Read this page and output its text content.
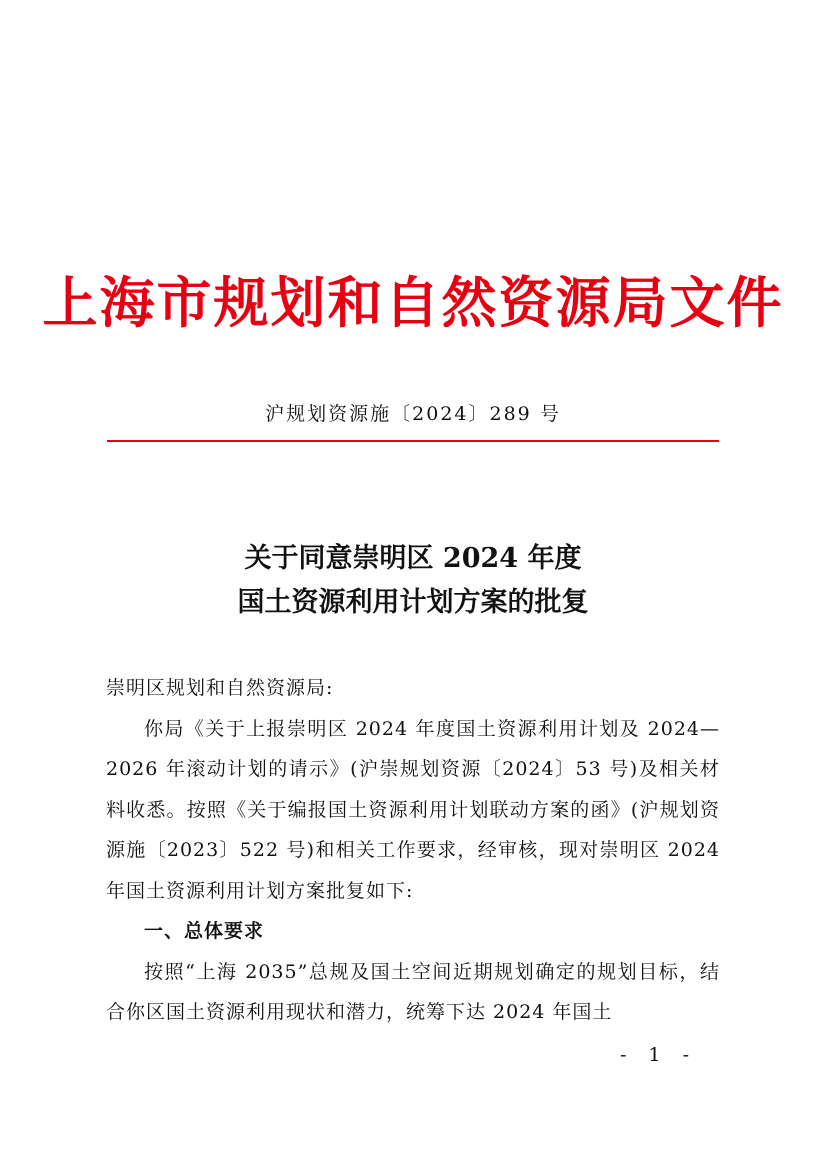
上海市规划和自然资源局文件
沪规划资源施〔2024〕289 号
关于同意崇明区 2024 年度
国土资源利用计划方案的批复

崇明区规划和自然资源局:

你局《关于上报崇明区 2024 年度国土资源利用计划及 2024—2026 年滚动计划的请示》(沪崇规划资源〔2024〕53 号)及相关材料收悉。按照《关于编报国土资源利用计划联动方案的函》(沪规划资源施〔2023〕522 号)和相关工作要求，经审核，现对崇明区 2024 年国土资源利用计划方案批复如下:

一、总体要求

按照“上海 2035”总规及国土空间近期规划确定的规划目标，结合你区国土资源利用现状和潜力，统筹下达 2024 年国土

- 1 -
